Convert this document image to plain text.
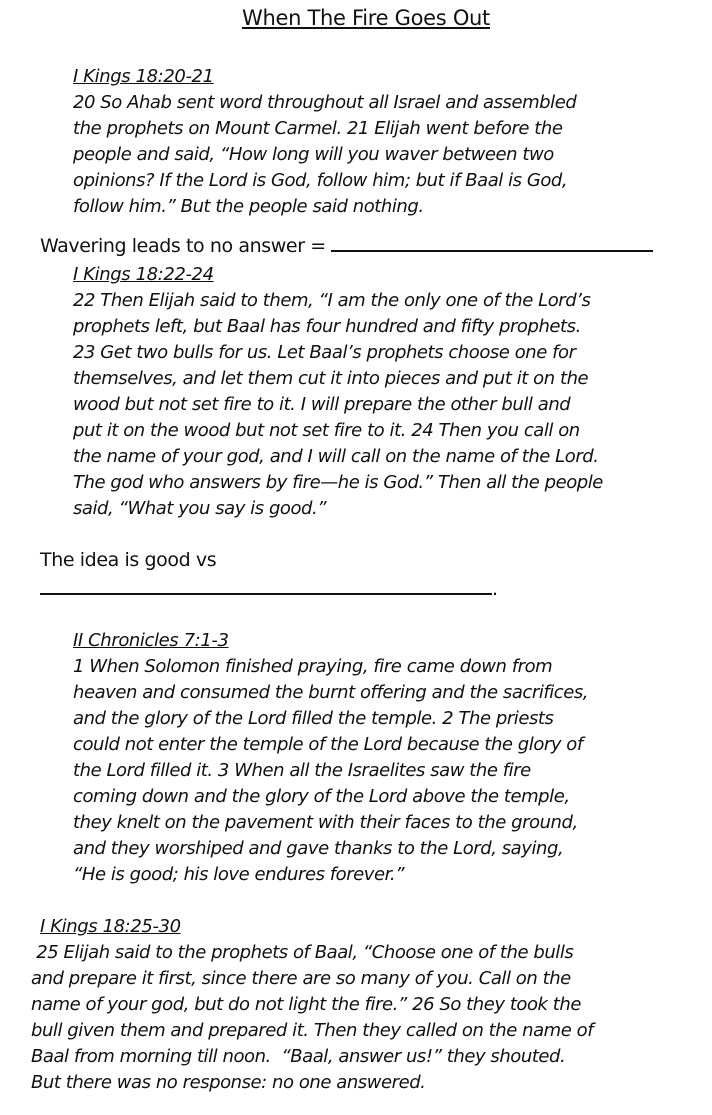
When The Fire Goes Out
I Kings 18:20-21
20 So Ahab sent word throughout all Israel and assembled
the prophets on Mount Carmel. 21 Elijah went before the
people and said, “How long will you waver between two
opinions? If the Lord is God, follow him; but if Baal is God,
follow him.” But the people said nothing.
Wavering leads to no answer =
I Kings 18:22-24
22 Then Elijah said to them, “I am the only one of the Lord’s
prophets left, but Baal has four hundred and fifty prophets.
23 Get two bulls for us. Let Baal’s prophets choose one for
themselves, and let them cut it into pieces and put it on the
wood but not set fire to it. I will prepare the other bull and
put it on the wood but not set fire to it. 24 Then you call on
the name of your god, and I will call on the name of the Lord.
The god who answers by fire—he is God.” Then all the people
said, “What you say is good.”
The idea is good vs
.
II Chronicles 7:1-3
1 When Solomon finished praying, fire came down from
heaven and consumed the burnt offering and the sacrifices,
and the glory of the Lord filled the temple. 2 The priests
could not enter the temple of the Lord because the glory of
the Lord filled it. 3 When all the Israelites saw the fire
coming down and the glory of the Lord above the temple,
they knelt on the pavement with their faces to the ground,
and they worshiped and gave thanks to the Lord, saying,
“He is good; his love endures forever.”
I Kings 18:25-30
25 Elijah said to the prophets of Baal, “Choose one of the bulls
and prepare it first, since there are so many of you. Call on the
name of your god, but do not light the fire.” 26 So they took the
bull given them and prepared it. Then they called on the name of
Baal from morning till noon.  “Baal, answer us!” they shouted.
But there was no response: no one answered.
